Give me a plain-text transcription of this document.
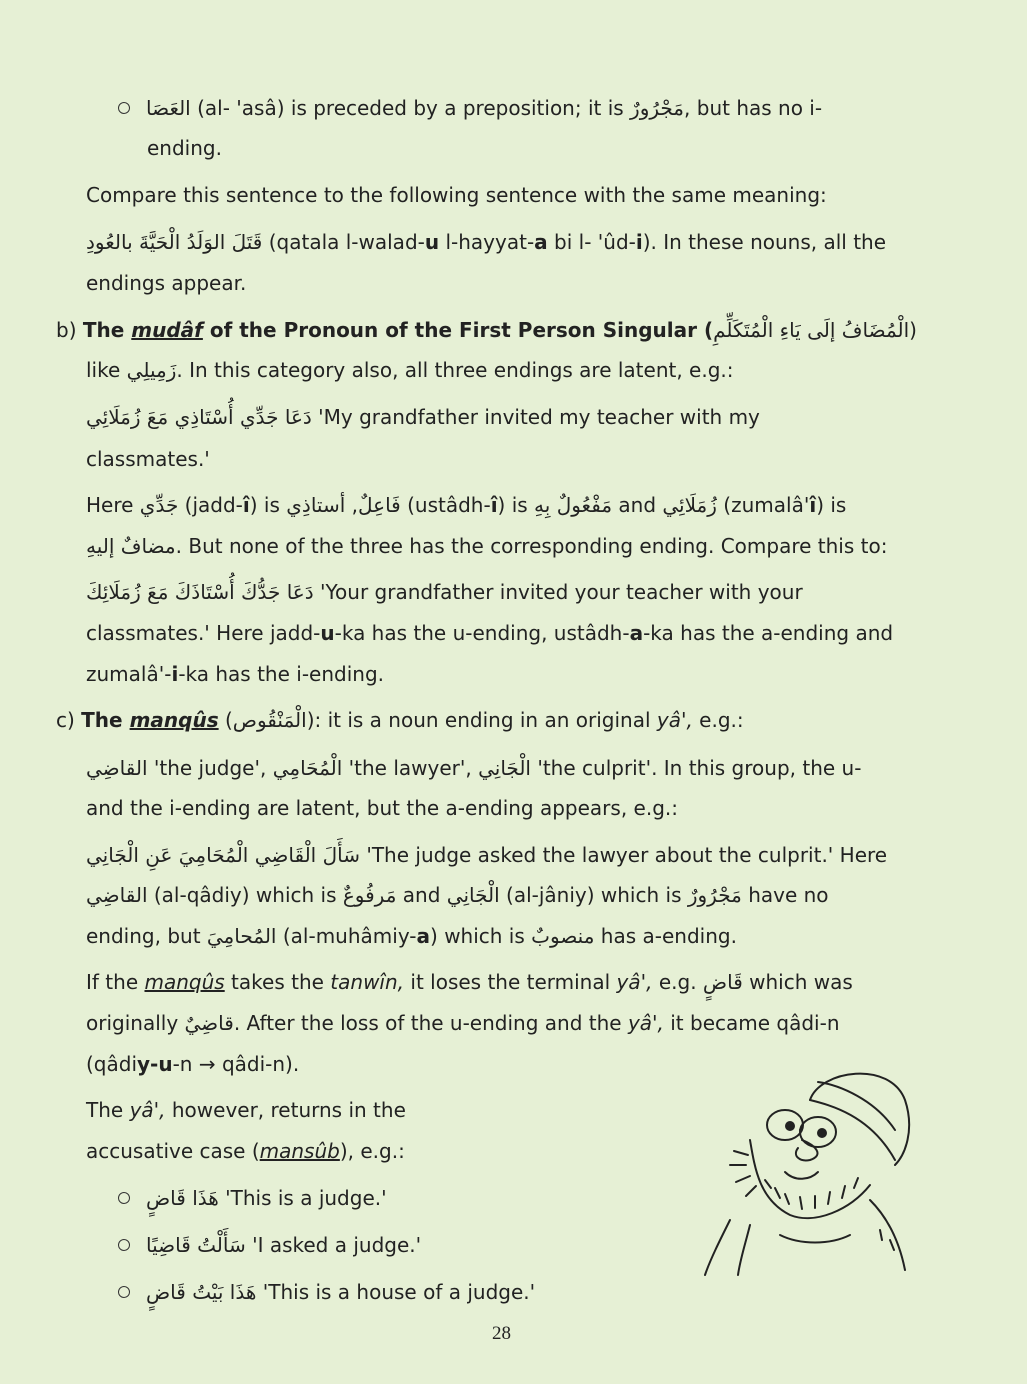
العَصَا (al- 'asâ) is preceded by a preposition; it is مَجْرُورٌ, but has no i-
ending.
Compare this sentence to the following sentence with the same meaning:
قَتَلَ الوَلَدُ الْحَيَّةَ بالعُودِ (qatala l-walad-u l-hayyat-a bi l- 'ûd-i). In these nouns, all the
endings appear.
b) The mudâf of the Pronoun of the First Person Singular (الْمُضَافُ إلَى يَاءِ الْمُتَكَلِّمِ)
like زَمِيلِي. In this category also, all three endings are latent, e.g.:
دَعَا جَدِّي أُسْتَاذِي مَعَ زُمَلَائِي 'My grandfather invited my teacher with my
classmates.'
Here جَدِّي (jadd-î) is	فَاعِلٌ, أستاذِي	(ustâdh-î) is مَفْعُولٌ بِهِ and زُمَلَائِي (zumalâ'î) is
مضافٌ إليهِ. But none of the three has the corresponding ending. Compare this to:
دَعَا جَدُّكَ أُسْتَاذَكَ مَعَ زُمَلَائِكَ 'Your grandfather invited your teacher with your
classmates.' Here jadd-u-ka has the u-ending, ustâdh-a-ka has the a-ending and
zumalâ'-i-ka has the i-ending.
c) The manqûs (الْمَنْقُوص): it is a noun ending in an original yâ', e.g.:
القاضِي 'the judge', الْمُحَامِي 'the lawyer', الْجَانِي 'the culprit'. In this group, the u-
and the i-ending are latent, but the a-ending appears, e.g.:
سَأَلَ الْقَاضِي الْمُحَامِيَ عَنِ الْجَانِي 'The judge asked the lawyer about the culprit.' Here
القاضِي (al-qâdiy) which is مَرفُوعٌ and الْجَانِي (al-jâniy) which is مَجْرُورٌ have no
ending, but المُحامِيَ (al-muhâmiy-a) which is منصوبٌ has a-ending.
If the manqûs takes the tanwîn, it loses the terminal yâ', e.g. قَاضٍ which was
originally قاضِيٌ. After the loss of the u-ending and the yâ', it became qâdi-n
(qâdiy-u-n → qâdi-n).
The yâ', however, returns in the
accusative case (mansûb), e.g.:
هَذَا قَاضٍ 'This is a judge.'
سَأَلْتُ قَاضِيًا 'I asked a judge.'
هَذَا بَيْتُ قَاضٍ 'This is a house of a judge.'
28
